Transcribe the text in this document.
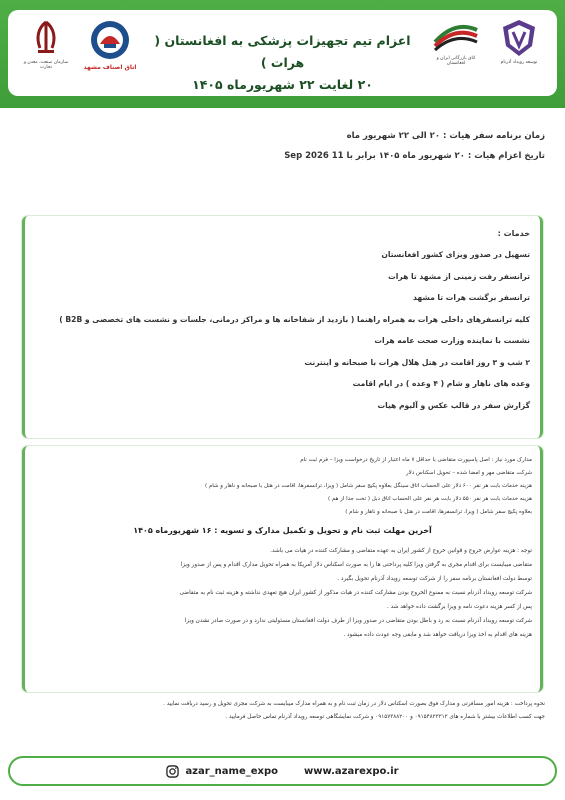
توسعه رویداد آذرنام
اتاق بازرگانی ایران و افغانستان
اتاق اصناف مشهد
سازمان صنعت، معدن و تجارت
اعزام تیم تجهیزات پزشکی به افغانستان ( هرات )
۲۰ لغایت ۲۲ شهریورماه ۱۴۰۵

زمان برنامه سفر هیات : ۲۰ الی ۲۲ شهریور ماه

تاریخ اعزام هیات : ۲۰ شهریور ماه ۱۴۰۵ برابر با 11 Sep 2026

خدمات :
تسهیل در صدور ویزای کشور افغانستان
ترانسفر رفت زمینی از مشهد تا هرات
ترانسفر برگشت هرات تا مشهد
کلیه ترانسفرهای داخلی هرات به همراه راهنما ( بازدید از شفاخانه ها و مراکز درمانی، جلسات و نشست های تخصصی و B2B )
نشست با نماینده وزارت صحت عامه هرات
۲ شب و ۳ روز اقامت در هتل هلال هرات با صبحانه و اینترنت
وعده های ناهار و شام ( ۴ وعده ) در ایام اقامت
گزارش سفر در قالب عکس و آلبوم هیات
مدارک مورد نیاز : اصل پاسپورت متقاضی با حداقل ۷ ماه اعتبار از تاریخ درخواست ویزا – فرم ثبت نام
شرکت متقاضی مهر و امضا شده – تحویل اسکناس دلار
هزینه خدمات بابت هر نفر ۶۰۰ دلار علی الحساب اتاق سینگل بعلاوه پکیج سفر شامل ( ویزا، ترانسفرها، اقامت در هتل با صبحانه و ناهار و شام )
هزینه خدمات بابت هر نفر ۵۵۰ دلار بابت هر نفر علی الحساب اتاق دبل ( تخت جدا از هم )
بعلاوه پکیج سفر شامل ( ویزا، ترانسفرها، اقامت در هتل با صبحانه و ناهار و شام )
آخرین مهلت ثبت نام و تحویل و تکمیل مدارک و تسویه : ۱۶ شهریورماه ۱۴۰۵
توجه : هزینه عوارض خروج و قوانین خروج از کشور ایران به عهده متقاضی و مشارکت کننده در هیات می باشد.
متقاضی میبایست برای اقدام مجری به گرفتن ویزا کلیه پرداختی ها را به صورت اسکناس دلار آمریکا به همراه تحویل مدارک اقدام و پس از صدور ویزا
توسط دولت افغانستان برنامه سفر را از شرکت توسعه رویداد آذرنام تحویل بگیرد .
شرکت توسعه رویداد آذرنام نسبت به ممنوع الخروج بودن مشارکت کننده در هیات مذکور از کشور ایران هیچ تعهدی نداشته و هزینه ثبت نام به متقاضی
پس از کسر هزینه دعوت نامه و ویزا برگشت داده خواهد شد .
شرکت توسعه رویداد آذرنام نسبت به رد و باطل بودن متقاضی در صدور ویزا از طرف دولت افغانستان مسئولیتی ندارد و در صورت صادر نشدن ویزا
هزینه های اقدام به اخذ ویزا دریافت خواهد شد و مابقی وجه عودت داده میشود .
نحوه پرداخت : هزینه امور مسافرتی و مدارک فوق بصورت اسکناس دلار در زمان ثبت نام و به همراه مدارک میبایست به شرکت مجری تحویل و رسید دریافت نمایید .
جهت کسب اطلاعات بیشتر با شماره های ۰۹۱۵۴۸۲۳۳۱۲ و ۰۹۱۵۷۳۸۸۲۰۰ و شرکت نمایشگاهی توسعه رویداد آذرنام تماس حاصل فرمایید .
azar_name_expo	www.azarexpo.ir
